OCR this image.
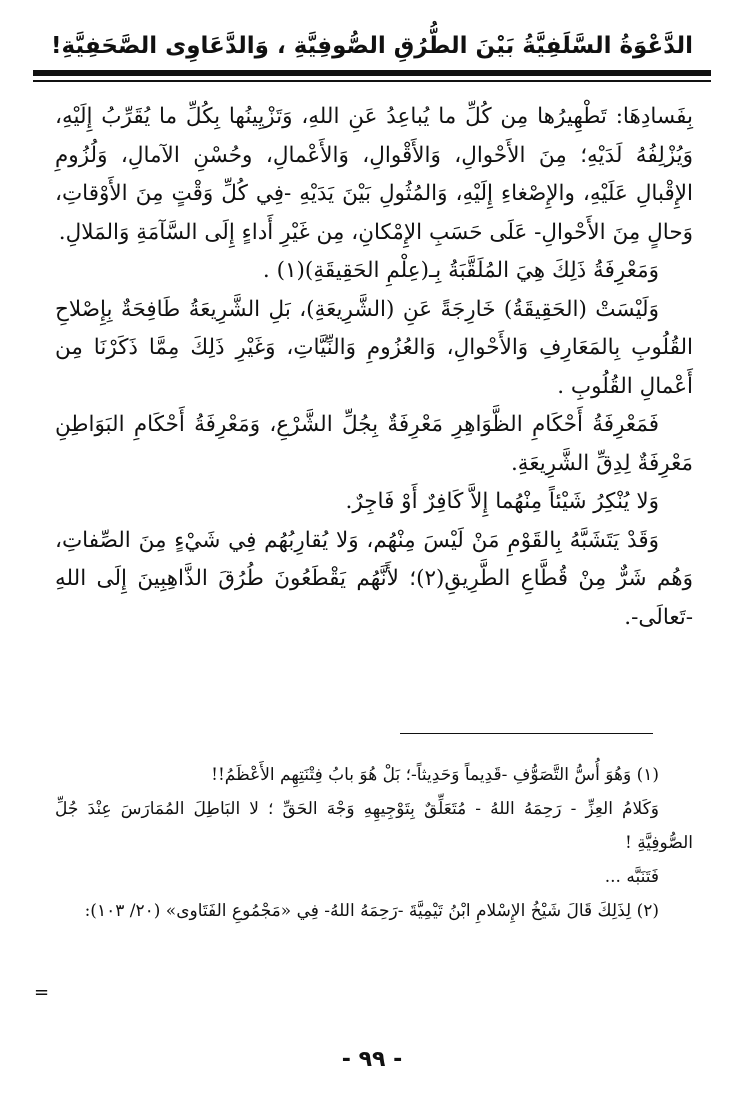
الدَّعْوَةُ السَّلَفِيَّةُ بَيْنَ الطُّرُقِ الصُّوفِيَّةِ ، وَالدَّعَاوِى الصَّحَفِيَّةِ!

بِفَسادِهَا: تَطْهِيرُها مِن كُلِّ ما يُباعِدُ عَنِ اللهِ، وَتَزْيِينُها بِكُلِّ ما يُقَرِّبُ إِلَيْهِ، وَيُزْلِفُهُ لَدَيْهِ؛ مِنَ الأَحْوالِ، وَالأَقْوالِ، وَالأَعْمالِ، وحُسْنِ الآمالِ، وَلُزُومِ الإِقْبالِ عَلَيْهِ، والإِصْغاءِ إِلَيْهِ، وَالمُثُولِ بَيْنَ يَدَيْهِ -فِي كُلِّ وَقْتٍ مِنَ الأَوْقاتِ، وَحالٍ مِنَ الأَحْوالِ- عَلَى حَسَبِ الإِمْكانِ، مِن غَيْرِ أَداءٍ إِلَى السَّآمَةِ وَالمَلالِ.

وَمَعْرِفَةُ ذَلِكَ هِيَ المُلَقَّبَةُ بِـ(عِلْمِ الحَقِيقَةِ)(١) .

وَلَيْسَتْ (الحَقِيقَةُ) خَارِجَةً عَنِ (الشَّرِيعَةِ)، بَلِ الشَّرِيعَةُ طَافِحَةٌ بِإِصْلاحِ القُلُوبِ بِالمَعَارِفِ وَالأَحْوالِ، وَالعُزُومِ وَالنِّيَّاتِ، وَغَيْرِ ذَلِكَ مِمَّا ذَكَرْنَا مِن أَعْمالِ القُلُوبِ .

فَمَعْرِفَةُ أَحْكَامِ الظَّوَاهِرِ مَعْرِفَةٌ بِجُلِّ الشَّرْعِ، وَمَعْرِفَةُ أَحْكَامِ البَوَاطِنِ مَعْرِفَةٌ لِدِقِّ الشَّرِيعَةِ.

وَلا يُنْكِرُ شَيْئاً مِنْهُما إِلاَّ كَافِرٌ أَوْ فَاجِرٌ.

وَقَدْ يَتَشَبَّهُ بِالقَوْمِ مَنْ لَيْسَ مِنْهُم، وَلا يُقارِبُهُم فِي شَيْءٍ مِنَ الصِّفاتِ، وَهُم شَرٌّ مِنْ قُطَّاعِ الطَّرِيقِ(٢)؛ لأَنَّهُم يَقْطَعُونَ طُرُقَ الذَّاهِبِينَ إِلَى اللهِ -تَعالَى-.

(١) وَهُوَ أُسُّ التَّصَوُّفِ -قَدِيماً وَحَدِيثاً-؛ بَلْ هُوَ بابُ فِتْنَتِهِم الأَعْظَمُ!!

وَكَلامُ العِزِّ - رَحِمَهُ اللهُ - مُتَعَلِّقٌ بِتَوْجِيهِهِ وَجْهَ الحَقِّ ؛ لا البَاطِلَ المُمَارَسَ عِنْدَ جُلِّ الصُّوفِيَّةِ !

فَتَنَبَّه ...

(٢) لِذَلِكَ قَالَ شَيْخُ الإِسْلامِ ابْنُ تَيْمِيَّةَ -رَحِمَهُ اللهُ- فِي «مَجْمُوعِ الفَتَاوى» (٢٠/ ١٠٣):

=
- ٩٩ -
